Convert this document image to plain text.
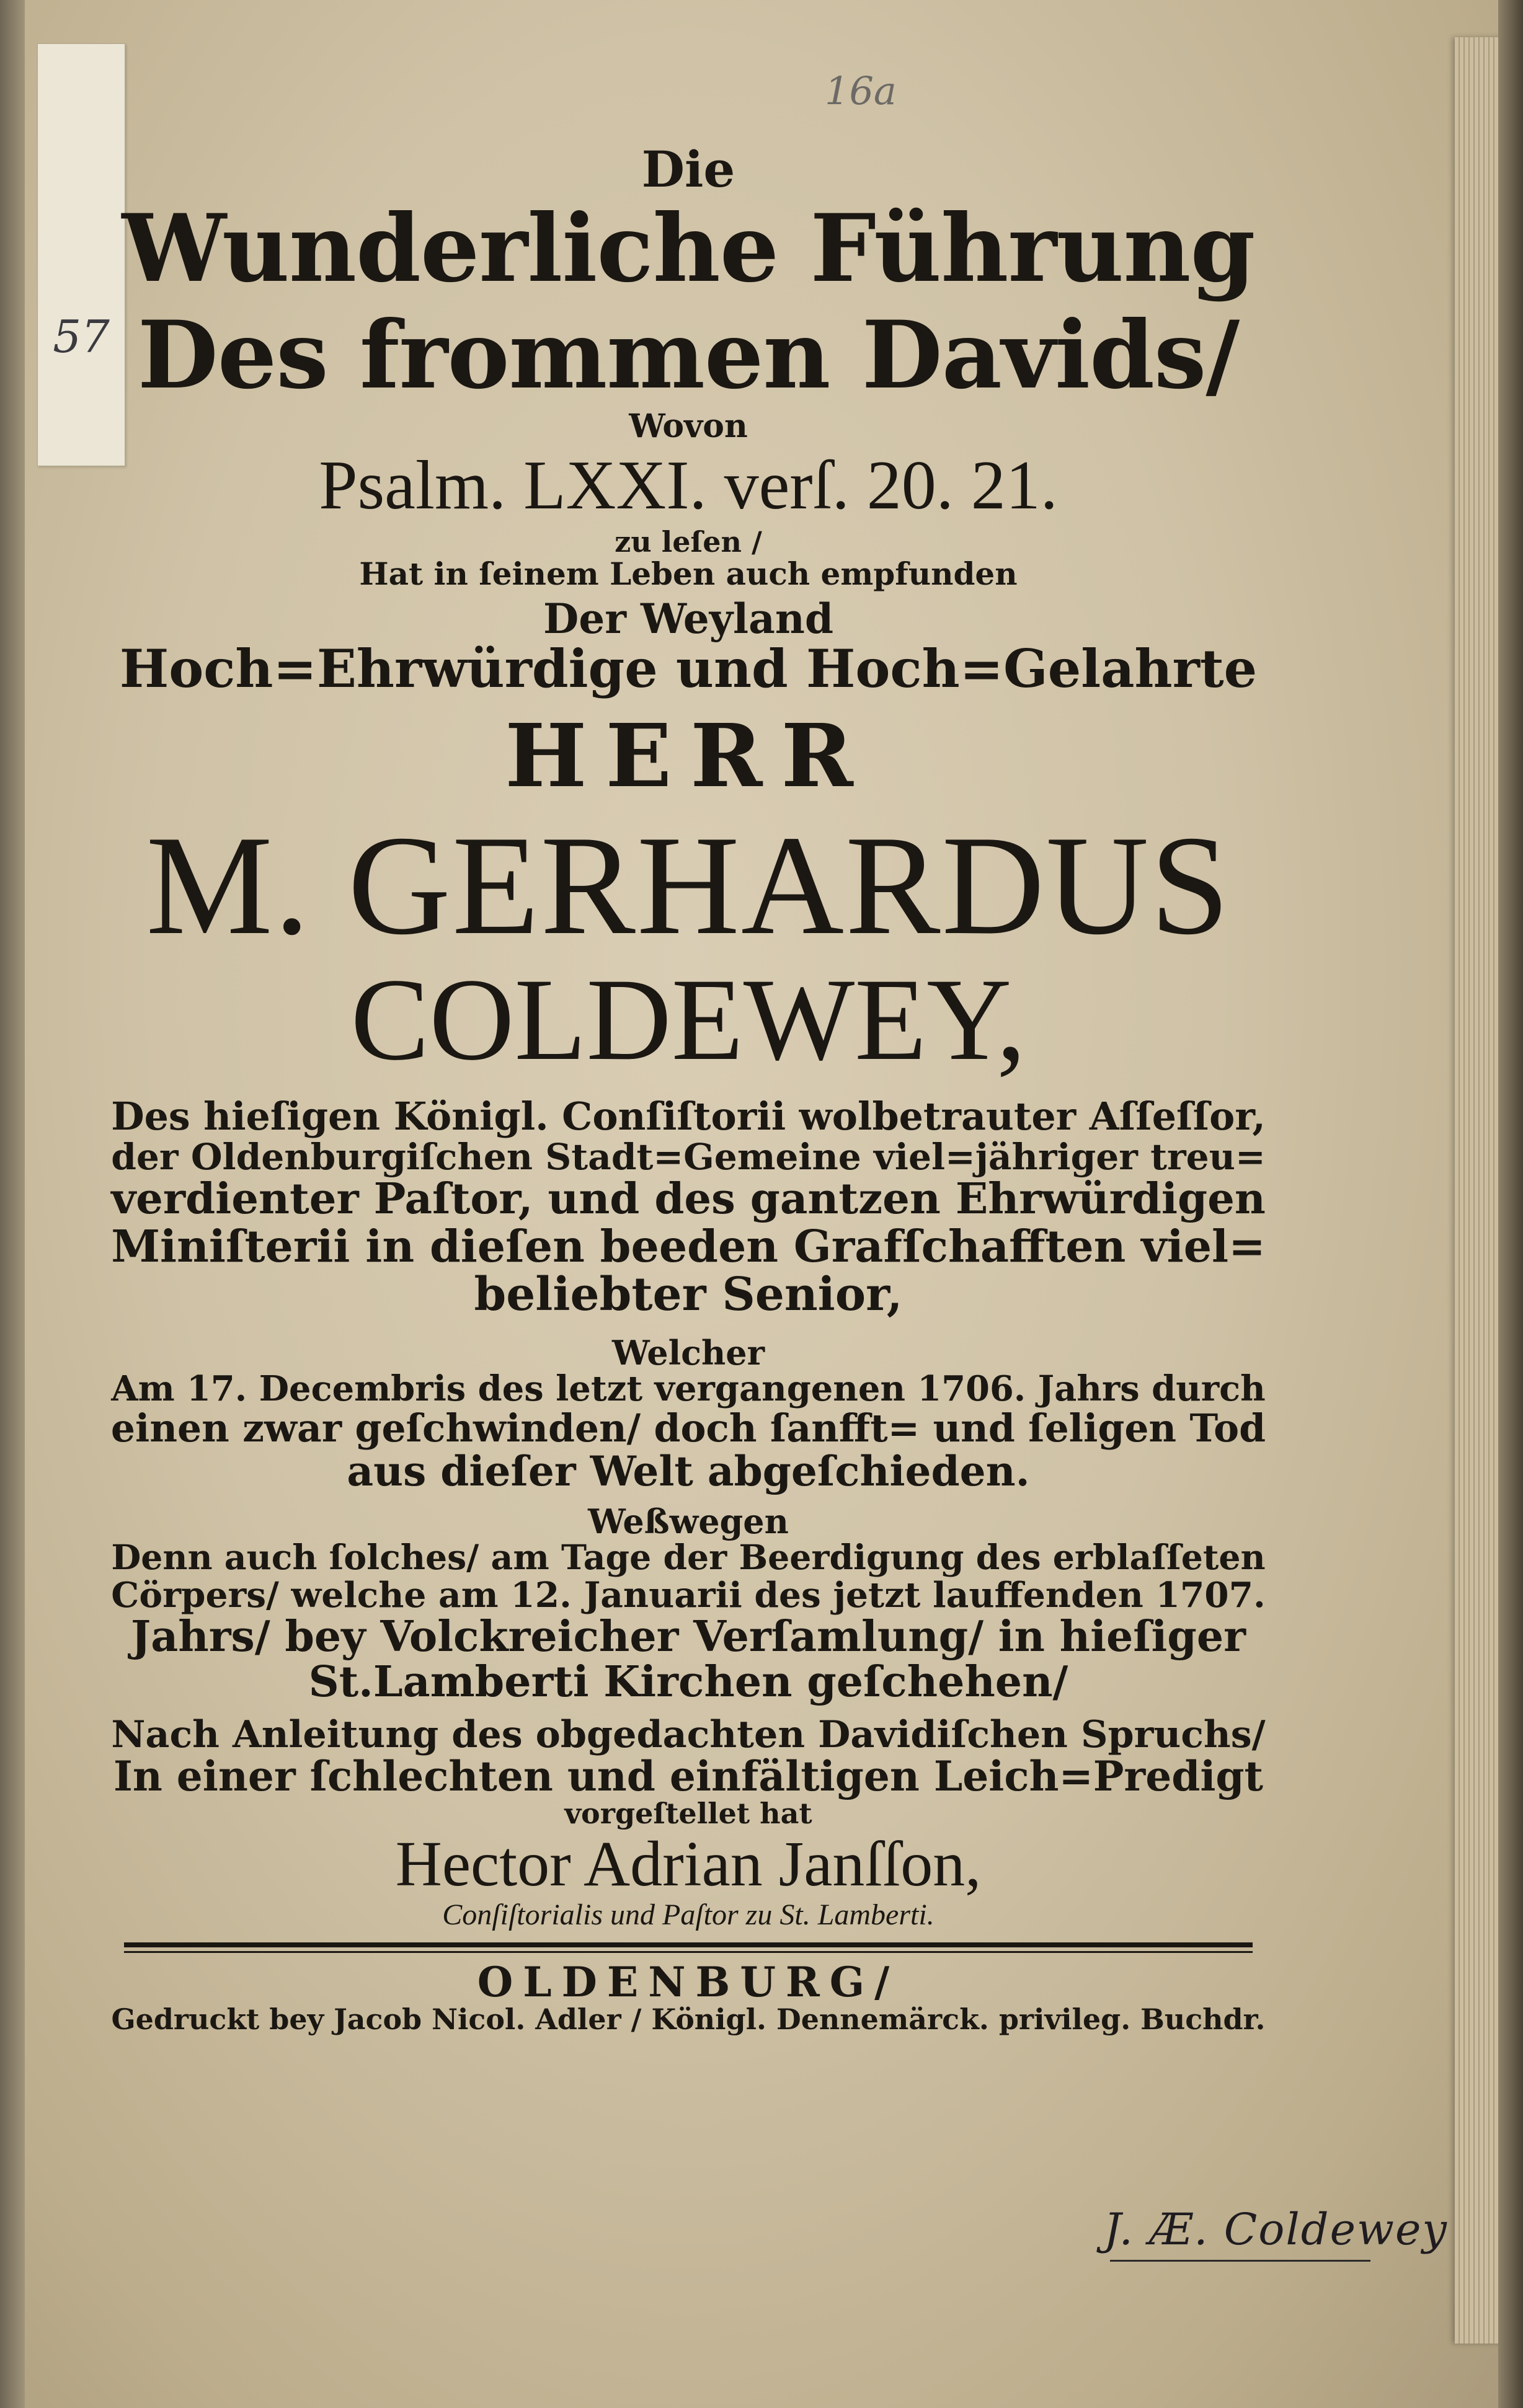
57
16a
Die
Wunderliche Führung
Des frommen Davids/
Wovon
Psalm. LXXI. verſ. 20. 21.
zu leſen /
Hat in ſeinem Leben auch empfunden
Der Weyland
Hoch=Ehrwürdige und Hoch=Gelahrte
HERR
M. GERHARDUS
COLDEWEY,
Des hieſigen Königl. Conſiſtorii wolbetrauter Aſſeſſor,
der Oldenburgiſchen Stadt=Gemeine viel=jähriger treu=
verdienter Paſtor, und des gantzen Ehrwürdigen
Miniſterii in dieſen beeden Grafſchafften viel=
beliebter Senior,
Welcher
Am 17. Decembris des letzt vergangenen 1706. Jahrs durch
einen zwar geſchwinden/ doch ſanfft= und ſeligen Tod
aus dieſer Welt abgeſchieden.
Weßwegen
Denn auch ſolches/ am Tage der Beerdigung des erblaſſeten
Cörpers/ welche am 12. Januarii des jetzt lauffenden 1707.
Jahrs/ bey Volckreicher Verſamlung/ in hieſiger
St.Lamberti Kirchen geſchehen/
Nach Anleitung des obgedachten Davidiſchen Spruchs/
In einer ſchlechten und einfältigen Leich=Predigt
vorgeſtellet hat
Hector Adrian Janſſon,
Conſiſtorialis und Paſtor zu St. Lamberti.
OLDENBURG/
Gedruckt bey Jacob Nicol. Adler / Königl. Dennemärck. privileg. Buchdr.
J. Æ. Coldewey
